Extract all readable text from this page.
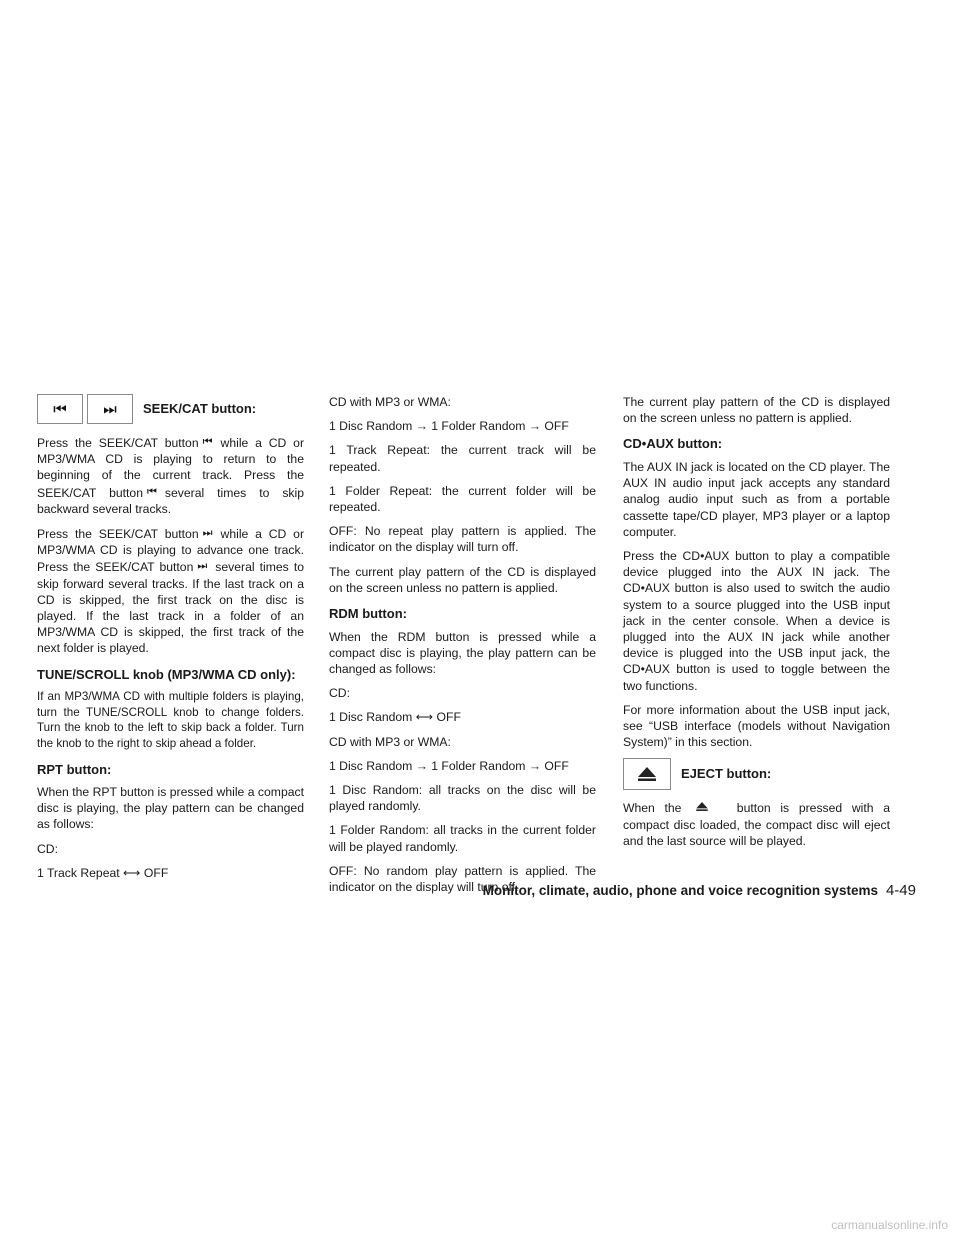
⏮	⏭	SEEK/CAT button:

Press the SEEK/CAT button ⏮ while a CD or MP3/WMA CD is playing to return to the beginning of the current track. Press the SEEK/CAT button ⏮ several times to skip backward several tracks.

Press the SEEK/CAT button ⏭ while a CD or MP3/WMA CD is playing to advance one track. Press the SEEK/CAT button ⏭ several times to skip forward several tracks. If the last track on a CD is skipped, the first track on the disc is played. If the last track in a folder of an MP3/WMA CD is skipped, the first track of the next folder is played.

TUNE/SCROLL knob (MP3/WMA CD only):

If an MP3/WMA CD with multiple folders is playing, turn the TUNE/SCROLL knob to change folders. Turn the knob to the left to skip back a folder. Turn the knob to the right to skip ahead a folder.

RPT button:

When the RPT button is pressed while a compact disc is playing, the play pattern can be changed as follows:

CD:

1 Track Repeat ⟷ OFF

CD with MP3 or WMA:

1 Disc Random → 1 Folder Random → OFF

1 Track Repeat: the current track will be repeated.

1 Folder Repeat: the current folder will be repeated.

OFF: No repeat play pattern is applied. The indicator on the display will turn off.

The current play pattern of the CD is displayed on the screen unless no pattern is applied.

RDM button:

When the RDM button is pressed while a compact disc is playing, the play pattern can be changed as follows:

CD:

1 Disc Random ⟷ OFF

CD with MP3 or WMA:

1 Disc Random → 1 Folder Random → OFF

1 Disc Random: all tracks on the disc will be played randomly.

1 Folder Random: all tracks in the current folder will be played randomly.

OFF: No random play pattern is applied. The indicator on the display will turn off.

The current play pattern of the CD is displayed on the screen unless no pattern is applied.

CD•AUX button:

The AUX IN jack is located on the CD player. The AUX IN audio input jack accepts any standard analog audio input such as from a portable cassette tape/CD player, MP3 player or a laptop computer.

Press the CD•AUX button to play a compatible device plugged into the AUX IN jack. The CD•AUX button is also used to switch the audio system to a source plugged into the USB input jack in the center console. When a device is plugged into the AUX IN jack while another device is plugged into the USB input jack, the CD•AUX button is used to toggle between the two functions.

For more information about the USB input jack, see “USB interface (models without Navigation System)” in this section.

EJECT button:

When the	button is pressed with a compact disc loaded, the compact disc will eject and the last source will be played.

Monitor, climate, audio, phone and voice recognition systems 4-49
carmanualsonline.info
